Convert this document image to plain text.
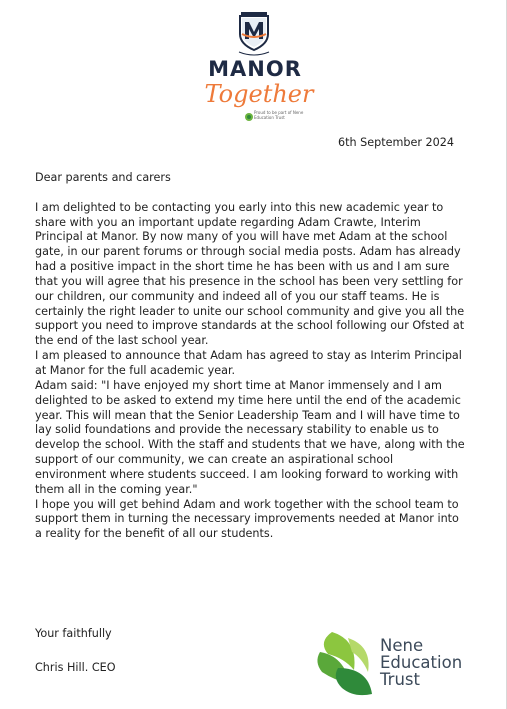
MANOR
Together
Proud to be part of Nene Education Trust
6th September 2024

Dear parents and carers

I am delighted to be contacting you early into this new academic year to share with you an important update regarding Adam Crawte, Interim Principal at Manor. By now many of you will have met Adam at the school gate, in our parent forums or through social media posts. Adam has already had a positive impact in the short time he has been with us and I am sure that you will agree that his presence in the school has been very settling for our children, our community and indeed all of you our staff teams. He is certainly the right leader to unite our school community and give you all the support you need to improve standards at the school following our Ofsted at the end of the last school year.

I am pleased to announce that Adam has agreed to stay as Interim Principal at Manor for the full academic year.

Adam said: "I have enjoyed my short time at Manor immensely and I am delighted to be asked to extend my time here until the end of the academic year. This will mean that the Senior Leadership Team and I will have time to lay solid foundations and provide the necessary stability to enable us to develop the school. With the staff and students that we have, along with the support of our community, we can create an aspirational school environment where students succeed. I am looking forward to working with them all in the coming year."

I hope you will get behind Adam and work together with the school team to support them in turning the necessary improvements needed at Manor into a reality for the benefit of all our students.

Your faithfully
Chris Hill. CEO
Nene
Education
Trust
